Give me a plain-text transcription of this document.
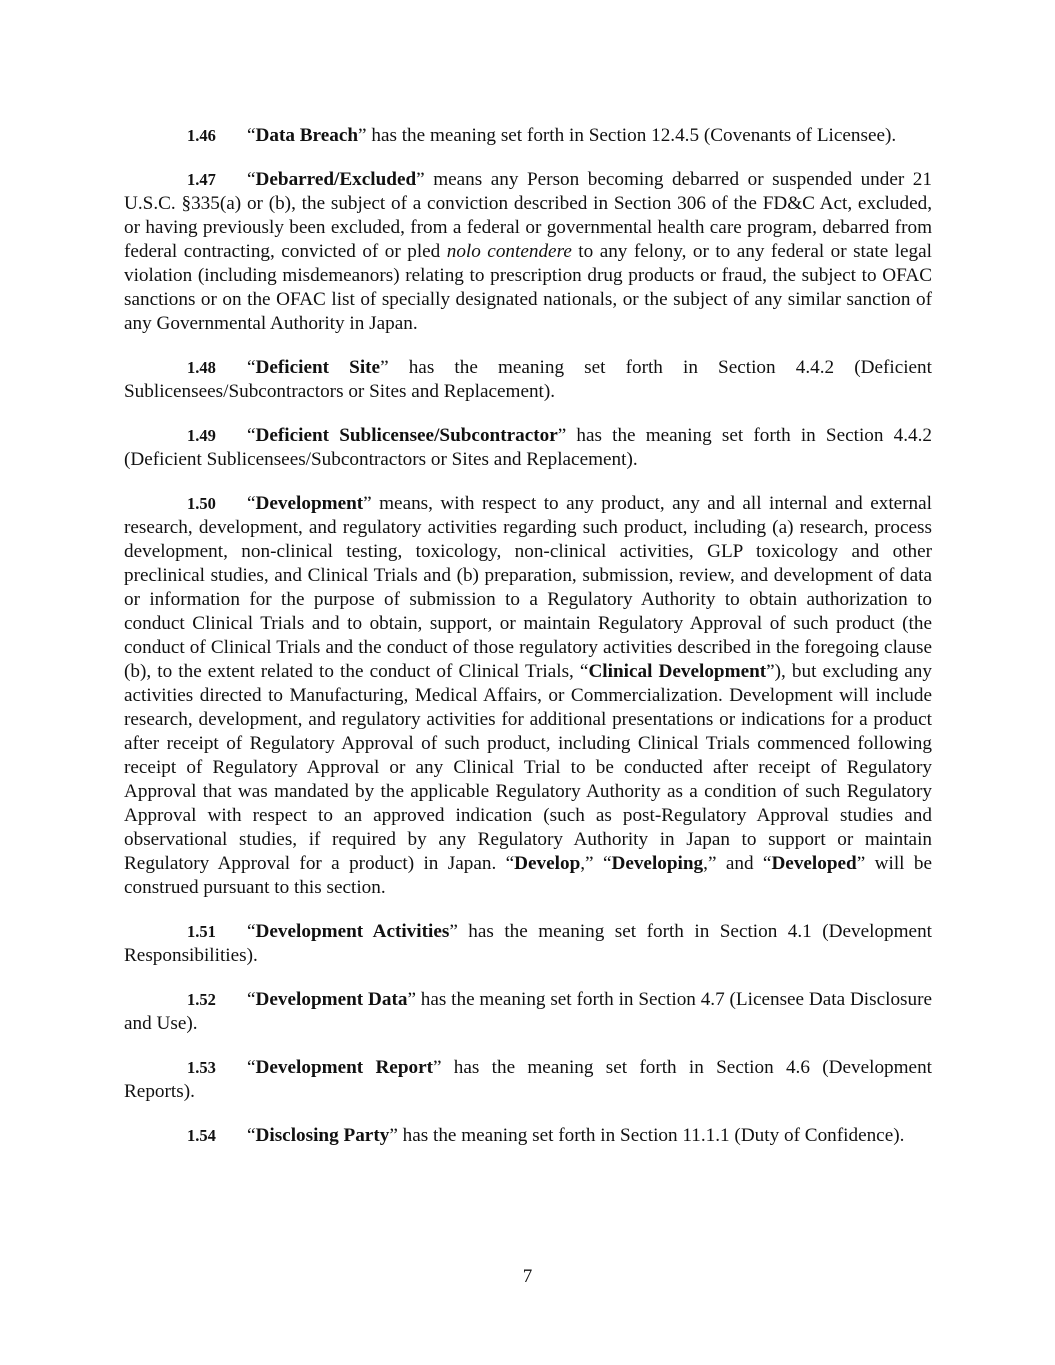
1.46 “Data Breach” has the meaning set forth in Section 12.4.5 (Covenants of Licensee).

1.47 “Debarred/Excluded” means any Person becoming debarred or suspended under 21 U.S.C. §335(a) or (b), the subject of a conviction described in Section 306 of the FD&C Act, excluded, or having previously been excluded, from a federal or governmental health care program, debarred from federal contracting, convicted of or pled nolo contendere to any felony, or to any federal or state legal violation (including misdemeanors) relating to prescription drug products or fraud, the subject to OFAC sanctions or on the OFAC list of specially designated nationals, or the subject of any similar sanction of any Governmental Authority in Japan.

1.48 “Deficient Site” has the meaning set forth in Section 4.4.2 (Deficient Sublicensees/Subcontractors or Sites and Replacement).

1.49 “Deficient Sublicensee/Subcontractor” has the meaning set forth in Section 4.4.2 (Deficient Sublicensees/Subcontractors or Sites and Replacement).

1.50 “Development” means, with respect to any product, any and all internal and external research, development, and regulatory activities regarding such product, including (a) research, process development, non-clinical testing, toxicology, non-clinical activities, GLP toxicology and other preclinical studies, and Clinical Trials and (b) preparation, submission, review, and development of data or information for the purpose of submission to a Regulatory Authority to obtain authorization to conduct Clinical Trials and to obtain, support, or maintain Regulatory Approval of such product (the conduct of Clinical Trials and the conduct of those regulatory activities described in the foregoing clause (b), to the extent related to the conduct of Clinical Trials, “Clinical Development”), but excluding any activities directed to Manufacturing, Medical Affairs, or Commercialization. Development will include research, development, and regulatory activities for additional presentations or indications for a product after receipt of Regulatory Approval of such product, including Clinical Trials commenced following receipt of Regulatory Approval or any Clinical Trial to be conducted after receipt of Regulatory Approval that was mandated by the applicable Regulatory Authority as a condition of such Regulatory Approval with respect to an approved indication (such as post-Regulatory Approval studies and observational studies, if required by any Regulatory Authority in Japan to support or maintain Regulatory Approval for a product) in Japan. “Develop,” “Developing,” and “Developed” will be construed pursuant to this section.

1.51 “Development Activities” has the meaning set forth in Section 4.1 (Development Responsibilities).

1.52 “Development Data” has the meaning set forth in Section 4.7 (Licensee Data Disclosure and Use).

1.53 “Development Report” has the meaning set forth in Section 4.6 (Development Reports).

1.54 “Disclosing Party” has the meaning set forth in Section 11.1.1 (Duty of Confidence).

7
